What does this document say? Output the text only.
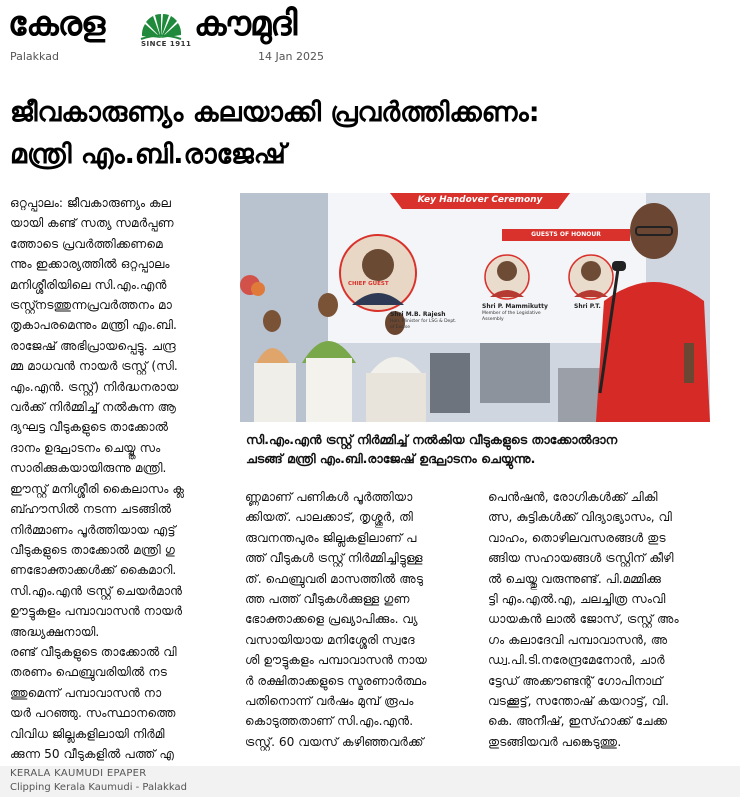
കേരള	SINCE 1911 കൗമുദി
Palakkad	14 Jan 2025
ജീവകാരുണ്യം കലയാക്കി പ്രവർത്തിക്കണം:
മന്ത്രി എം.ബി.രാജേഷ്

ഒറ്റപ്പാലം: ജീവകാരുണ്യം കല

യായി കണ്ട് സത്യ സമർപ്പണ

ത്തോടെ പ്രവർത്തിക്കണമെ

ന്നും ഇക്കാര്യത്തിൽ ഒറ്റപ്പാലം

മനിശ്ശീരിയിലെ സി.എം.എൻ

ട്രസ്റ്റ്നടത്തുന്നപ്രവർത്തനം മാ

തൃകാപരമെന്നും മന്ത്രി എം.ബി.

രാജേഷ് അഭിപ്രായപ്പെട്ടു. ചന്ദ്ര

മ്മ മാധവൻ നായർ ട്രസ്റ്റ് (സി.

എം.എൻ. ട്രസ്റ്റ്) നിർദ്ധനരായ

വർക്ക് നിർമ്മിച്ച് നൽകുന്ന ആ

ദ്യഘട്ട വീടുകളുടെ താക്കോൽ

ദാനം ഉദ്ഘാടനം ചെയ്യ്ത സം

സാരിക്കുകയായിരുന്നു മന്ത്രി.

ഈസ്റ്റ് മനിശ്ശീരി കൈലാസം ക്ല

ബ്ഹൗസിൽ നടന്ന ചടങ്ങിൽ

നിർമ്മാണം പൂർത്തിയായ എട്ട്

വീടുകളുടെ താക്കോൽ മന്ത്രി ഗു

ണഭോക്താക്കൾക്ക് കൈമാറി.

സി.എം.എൻ ട്രസ്റ്റ് ചെയർമാൻ

ഊട്ടുകളം പമ്പാവാസൻ നായർ

അദ്ധ്യക്ഷനായി.

രണ്ട് വീടുകളുടെ താക്കോൽ വി

തരണം ഫെബ്രുവരിയിൽ നട

ത്തുമെന്ന് പമ്പാവാസൻ നാ

യർ പറഞ്ഞു. സംസ്ഥാനത്തെ

വിവിധ ജില്ലകളിലായി നിർമി

ക്കുന്ന 50 വീടുകളിൽ പത്ത് എ

Key Handover Ceremony
GUESTS OF HONOUR
CHIEF GUEST
Shri M.B. Rajesh
Hon. Minister for LSG & Dept. of Excise
Shri P. Mammikutty
Member of the Legislative Assembly
Shri P.T.
സി.എം.എൻ ട്രസ്റ്റ് നിർമ്മിച്ച് നൽകിയ വീടുകളുടെ താക്കോൽദാന
ചടങ്ങ് മന്ത്രി എം.ബി.രാജേഷ് ഉദ്ഘാടനം ചെയ്യുന്നു.

ണ്ണമാണ് പണികൾ പൂർത്തിയാ

ക്കിയത്. പാലക്കാട്, തൃശ്ശൂർ, തി

രുവനന്തപുരം ജില്ലകളിലാണ് പ

ത്ത് വീടുകൾ ട്രസ്റ്റ് നിർമ്മിച്ചിട്ടുള്ള

ത്. ഫെബ്രുവരി മാസത്തിൽ അടു

ത്ത പത്ത് വീടുകൾക്കുള്ള ഗുണ

ഭോക്താക്കളെ പ്രഖ്യാപിക്കും. വ്യ

വസായിയായ മനിശ്ശേരി സ്വദേ

ശി ഊട്ടുകളം പമ്പാവാസൻ നായ

ർ രക്ഷിതാക്കളുടെ സ്മരണാർത്ഥം

പതിനൊന്ന് വർഷം മുമ്പ് രൂപം

കൊടുത്തതാണ് സി.എം.എൻ.

ട്രസ്റ്റ്. 60 വയസ് കഴിഞ്ഞവർക്ക്

പെൻഷൻ, രോഗികൾക്ക് ചികി

ത്സ, കുട്ടികൾക്ക് വിദ്യാഭ്യാസം, വി

വാഹം, തൊഴിലവസരങ്ങൾ തുട

ങ്ങിയ സഹായങ്ങൾ ട്രസ്റ്റിന് കീഴി

ൽ ചെയ്തു വരുന്നുണ്ട്. പി.മമ്മിക്കു

ട്ടി എം.എൽ.എ, ചലച്ചിത്ര സംവി

ധായകൻ ലാൽ ജോസ്, ട്രസ്റ്റ് അം

ഗം കലാദേവി പമ്പാവാസൻ, അ

ഡ്വ.പി.ടി.നരേന്ദ്രമേനോൻ, ചാർ

ട്ടേഡ് അക്കൗണ്ടന്റ് ഗോപിനാഥ്

വടക്കൂട്ട്, സന്തോഷ് കയറാട്ട്, വി.

കെ. അനീഷ്, ഇസ്ഹാക്ക് ചേക്ക

തുടങ്ങിയവർ പങ്കെടുത്തു.

KERALA KAUMUDI EPAPER
Clipping Kerala Kaumudi - Palakkad
